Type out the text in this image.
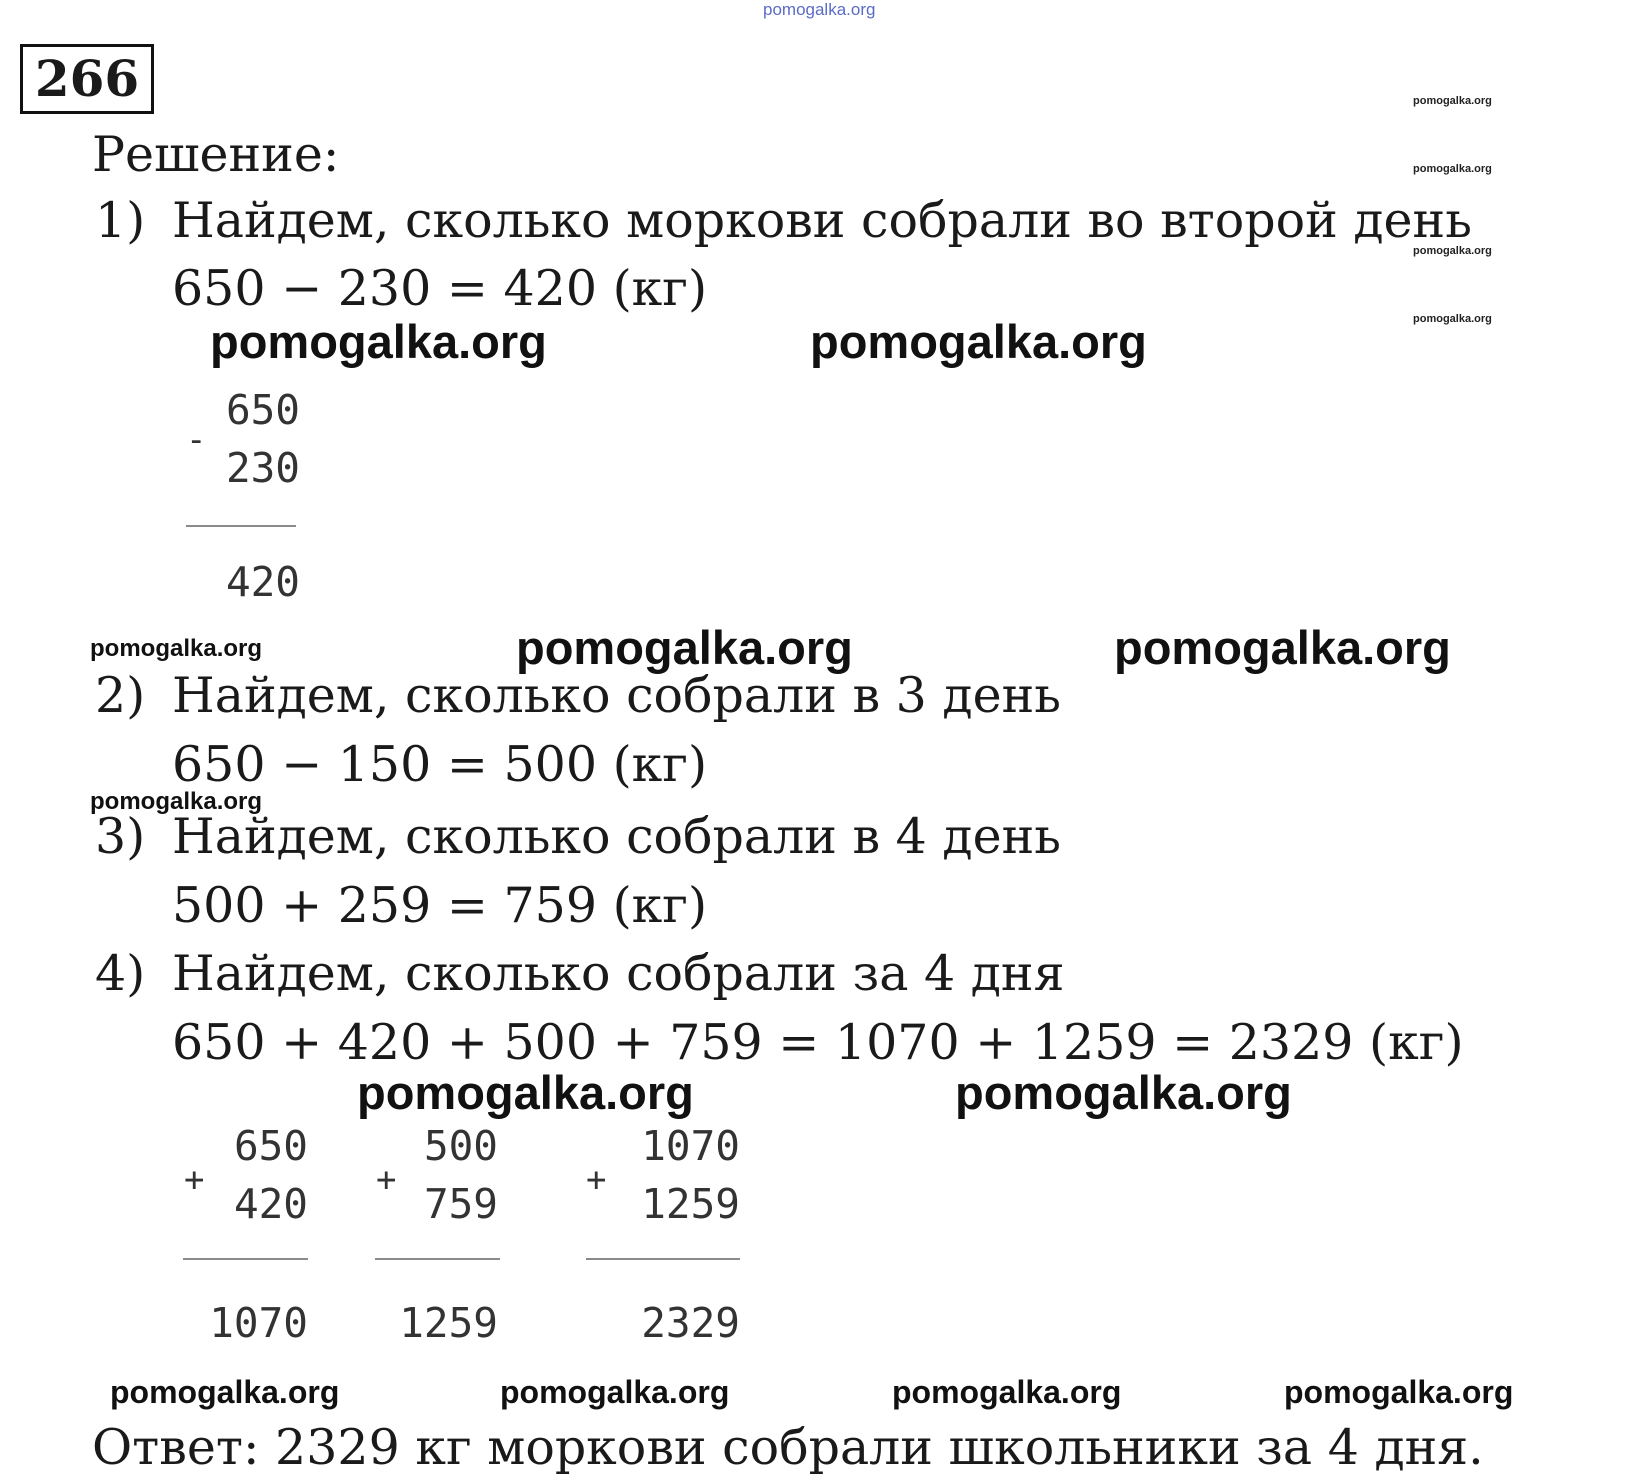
pomogalka.org
266	pomogalka.org
pomogalka.org
pomogalka.org
pomogalka.org
Решение:
1) Найдем, сколько моркови собрали во второй день
650 − 230 = 420 (кг)
pomogalka.org	pomogalka.org
-
650
230
420
pomogalka.org	pomogalka.org	pomogalka.org
2) Найдем, сколько собрали в 3 день
650 − 150 = 500 (кг)
pomogalka.org
3) Найдем, сколько собрали в 4 день
500 + 259 = 759 (кг)
4) Найдем, сколько собрали за 4 дня
650 + 420 + 500 + 759 = 1070 + 1259 = 2329 (кг)
pomogalka.org	pomogalka.org
+
650
420
1070
+
500
759
1259
+
1070
1259
2329
pomogalka.org	pomogalka.org	pomogalka.org	pomogalka.org
Ответ: 2329 кг моркови собрали школьники за 4 дня.
